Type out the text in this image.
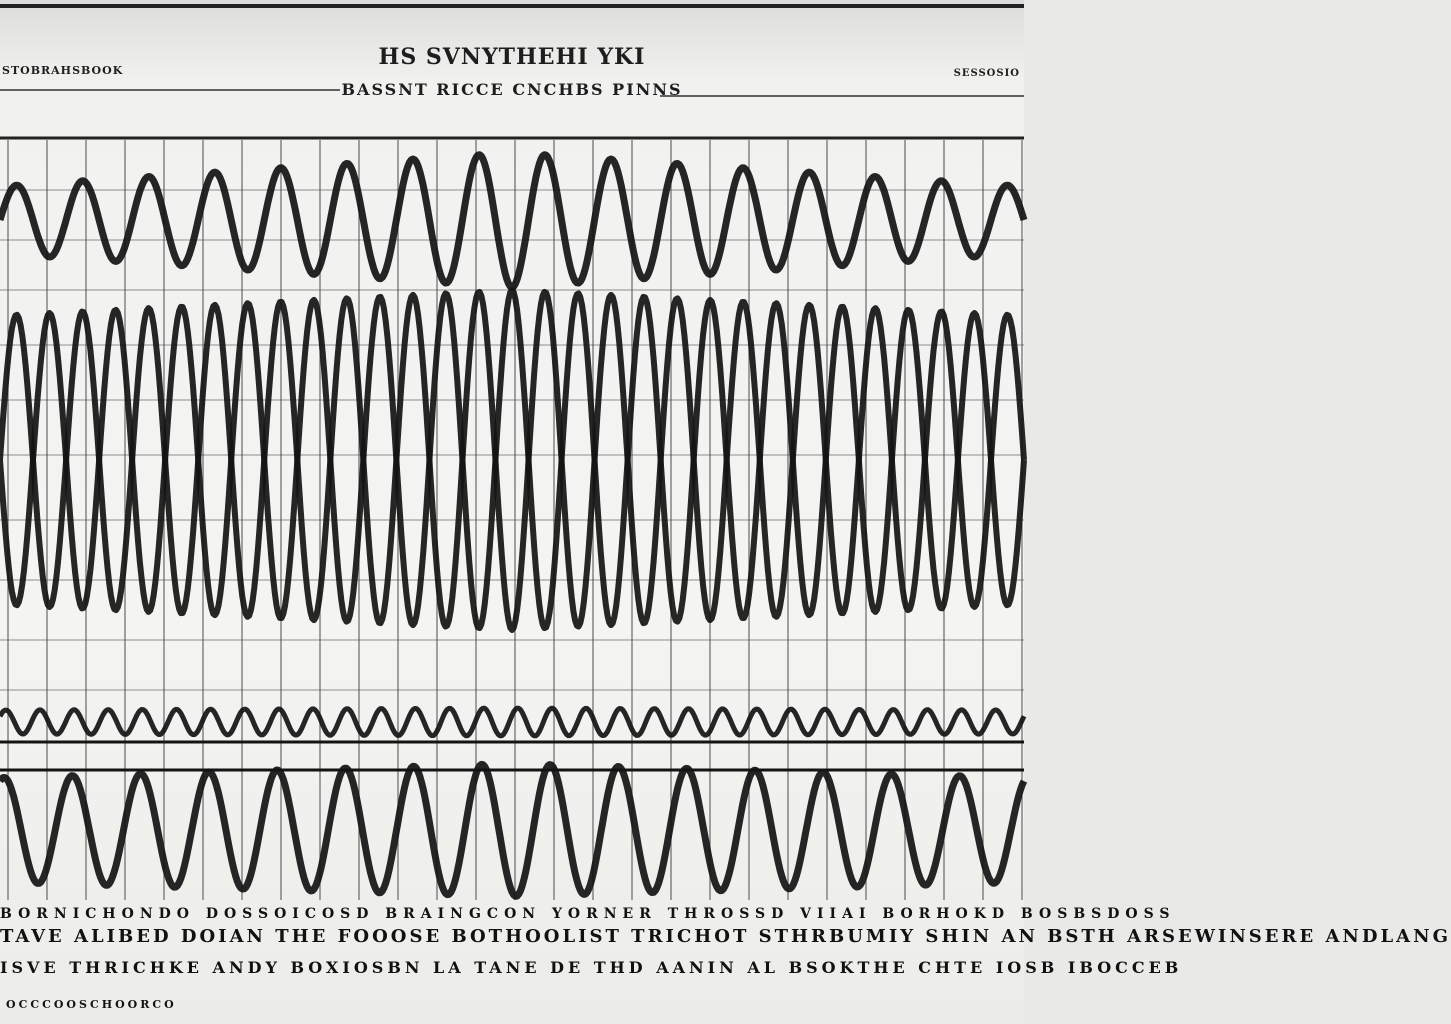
STOBRAHSBOOK
HS SVNYTHEHI YKI
BASSNT RICCE CNCHBS PINNS
SESSOSIO
BORNICHONDO DOSSOICOSD BRAINGCON YORNER THROSSD VIIAI BORHOKD BOSBSDOSS
TAVE ALIBED DOIAN THE FOOOSE BOTHOOLIST TRICHOT STHRBUMIY SHIN AN BSTH ARSEWINSERE ANDLANG
ISVE THRICHKE ANDY BOXIOSBN LA TANE DE THD AANIN AL BSOKTHE CHTE IOSB IBOCCEB
OCCCOOSCHOORCO
